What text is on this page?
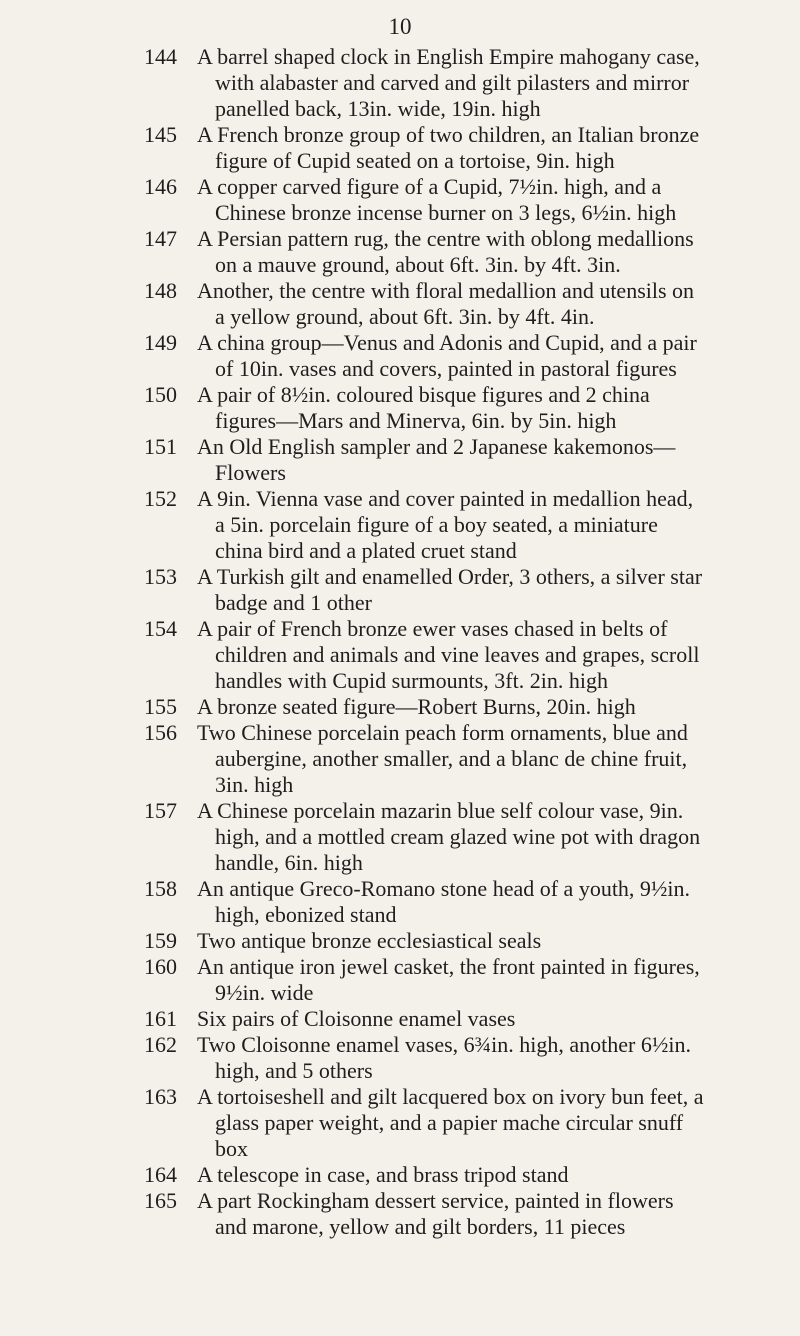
10
144 A barrel shaped clock in English Empire mahogany case, with alabaster and carved and gilt pilasters and mirror panelled back, 13in. wide, 19in. high
145 A French bronze group of two children, an Italian bronze figure of Cupid seated on a tortoise, 9in. high
146 A copper carved figure of a Cupid, 7½in. high, and a Chinese bronze incense burner on 3 legs, 6½in. high
147 A Persian pattern rug, the centre with oblong medallions on a mauve ground, about 6ft. 3in. by 4ft. 3in.
148 Another, the centre with floral medallion and utensils on a yellow ground, about 6ft. 3in. by 4ft. 4in.
149 A china group—Venus and Adonis and Cupid, and a pair of 10in. vases and covers, painted in pastoral figures
150 A pair of 8½in. coloured bisque figures and 2 china figures—Mars and Minerva, 6in. by 5in. high
151 An Old English sampler and 2 Japanese kakemonos—Flowers
152 A 9in. Vienna vase and cover painted in medallion head, a 5in. porcelain figure of a boy seated, a miniature china bird and a plated cruet stand
153 A Turkish gilt and enamelled Order, 3 others, a silver star badge and 1 other
154 A pair of French bronze ewer vases chased in belts of children and animals and vine leaves and grapes, scroll handles with Cupid surmounts, 3ft. 2in. high
155 A bronze seated figure—Robert Burns, 20in. high
156 Two Chinese porcelain peach form ornaments, blue and aubergine, another smaller, and a blanc de chine fruit, 3in. high
157 A Chinese porcelain mazarin blue self colour vase, 9in. high, and a mottled cream glazed wine pot with dragon handle, 6in. high
158 An antique Greco-Romano stone head of a youth, 9½in. high, ebonized stand
159 Two antique bronze ecclesiastical seals
160 An antique iron jewel casket, the front painted in figures, 9½in. wide
161 Six pairs of Cloisonne enamel vases
162 Two Cloisonne enamel vases, 6¾in. high, another 6½in. high, and 5 others
163 A tortoiseshell and gilt lacquered box on ivory bun feet, a glass paper weight, and a papier mache circular snuff box
164 A telescope in case, and brass tripod stand
165 A part Rockingham dessert service, painted in flowers and marone, yellow and gilt borders, 11 pieces
